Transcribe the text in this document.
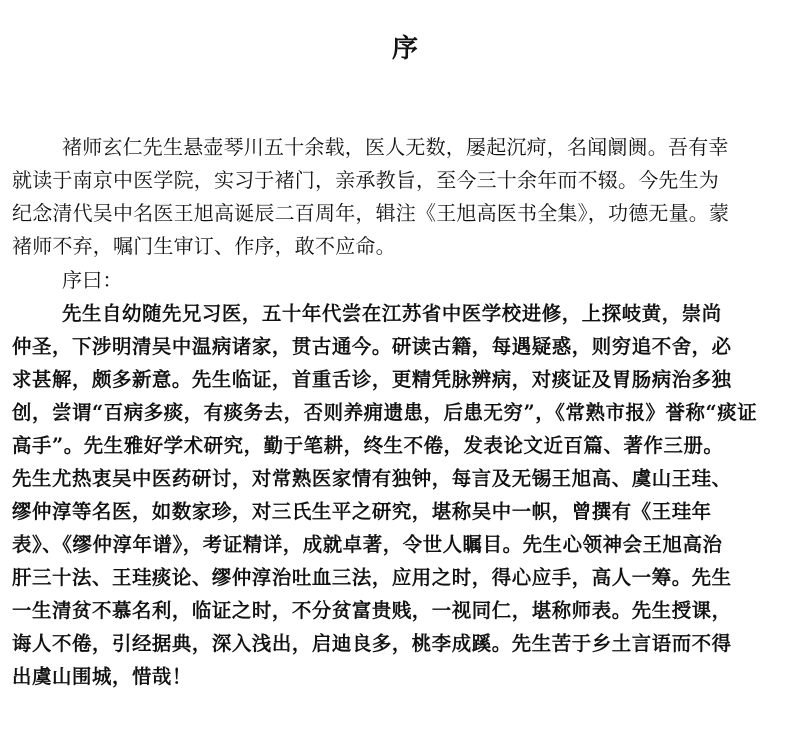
序
褚师玄仁先生悬壶琴川五十余载，医人无数，屡起沉疴，名闻阛阓。吾有幸
就读于南京中医学院，实习于褚门，亲承教旨，至今三十余年而不辍。今先生为
纪念清代吴中名医王旭高诞辰二百周年，辑注《王旭高医书全集》，功德无量。蒙
褚师不弃，嘱门生审订、作序，敢不应命。
序曰：
先生自幼随先兄习医，五十年代尝在江苏省中医学校进修，上探岐黄，崇尚
仲圣，下涉明清吴中温病诸家，贯古通今。研读古籍，每遇疑惑，则穷追不舍，必
求甚解，颇多新意。先生临证，首重舌诊，更精凭脉辨病，对痰证及胃肠病治多独
创，尝谓“百病多痰，有痰务去，否则养痈遗患，后患无穷”，《常熟市报》誉称“痰证
高手”。先生雅好学术研究，勤于笔耕，终生不倦，发表论文近百篇、著作三册。
先生尤热衷吴中医药研讨，对常熟医家情有独钟，每言及无锡王旭高、虞山王珪、
缪仲淳等名医，如数家珍，对三氏生平之研究，堪称吴中一帜，曾撰有《王珪年
表》、《缪仲淳年谱》，考证精详，成就卓著，令世人瞩目。先生心领神会王旭高治
肝三十法、王珪痰论、缪仲淳治吐血三法，应用之时，得心应手，高人一筹。先生
一生清贫不慕名利，临证之时，不分贫富贵贱，一视同仁，堪称师表。先生授课，
诲人不倦，引经据典，深入浅出，启迪良多，桃李成蹊。先生苦于乡土言语而不得
出虞山围城，惜哉！
